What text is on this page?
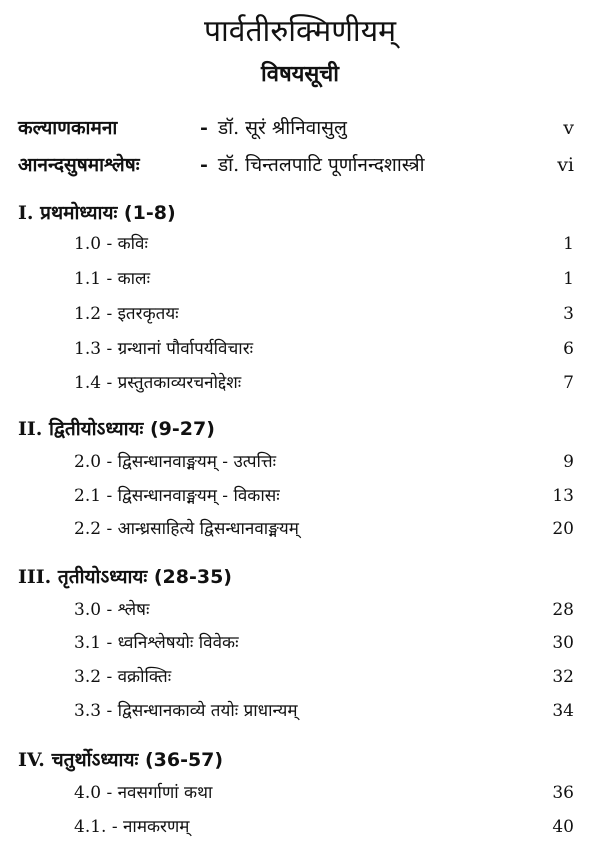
पार्वतीरुक्मिणीयम्
विषयसूची
कल्याणकामना	- डॉ. सूरं श्रीनिवासुलु	v
आनन्दसुषमाश्लेषः	- डॉ. चिन्तलपाटि पूर्णानन्दशास्त्री	vi
I. प्रथमोध्यायः (1-8)
1.0 - कविः	1
1.1 - कालः	1
1.2 - इतरकृतयः	3
1.3 - ग्रन्थानां पौर्वापर्यविचारः	6
1.4 - प्रस्तुतकाव्यरचनोद्देशः	7
II. द्वितीयोऽध्यायः (9-27)
2.0 - द्विसन्धानवाङ्मयम् - उत्पत्तिः	9
2.1 - द्विसन्धानवाङ्मयम् - विकासः	13
2.2 - आन्ध्रसाहित्ये द्विसन्धानवाङ्मयम्	20
III. तृतीयोऽध्यायः (28-35)
3.0 - श्लेषः	28
3.1 - ध्वनिश्लेषयोः विवेकः	30
3.2 - वक्रोक्तिः	32
3.3 - द्विसन्धानकाव्ये तयोः प्राधान्यम्	34
IV. चतुर्थोऽध्यायः (36-57)
4.0 - नवसर्गाणां कथा	36
4.1. - नामकरणम्	40
